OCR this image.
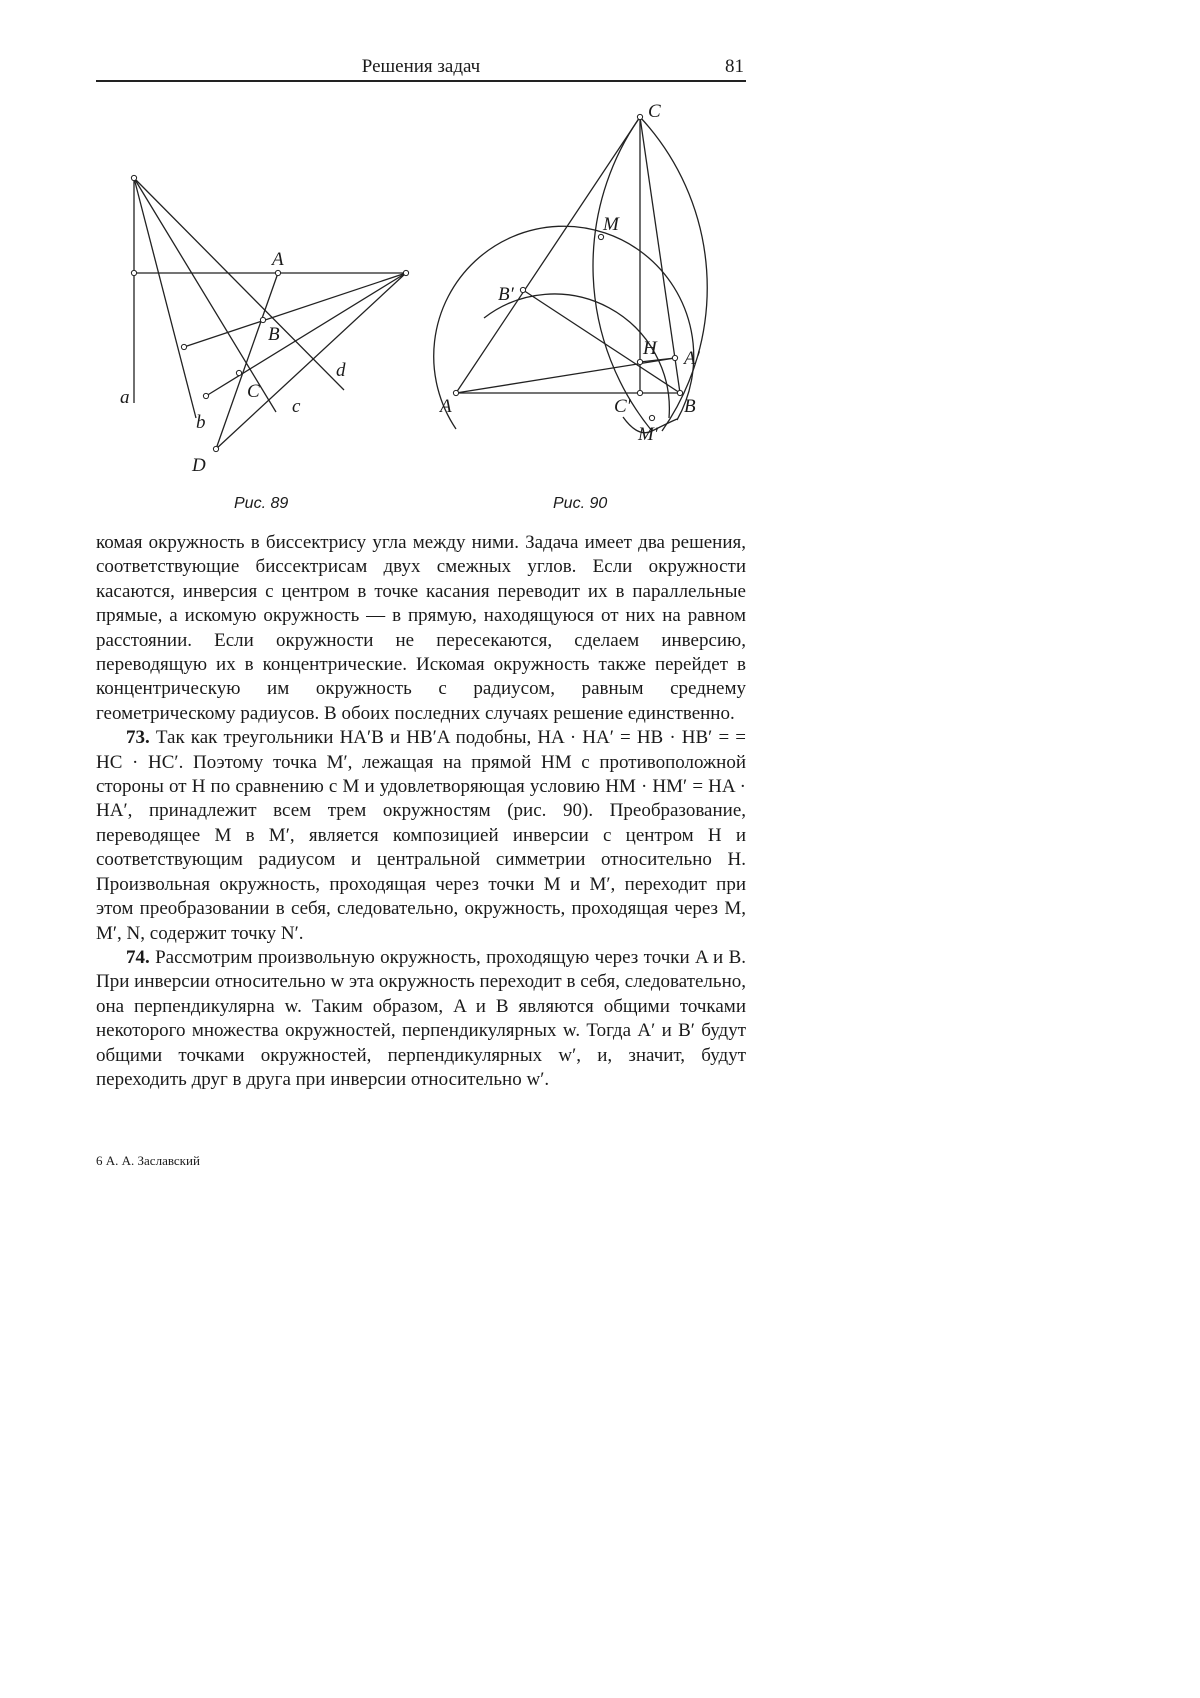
Решения задач	81
A
B
C
D
a
b
c
d
Рис. 89
C
M
B′
H A′
A	C′	B
M′
Рис. 90

комая окружность в биссектрису угла между ними. Задача имеет два решения, соответствующие биссектрисам двух смежных углов. Если окружности касаются, инверсия с центром в точке касания переводит их в параллельные прямые, а искомую окружность — в прямую, находящуюся от них на равном расстоянии. Если окружности не пересекаются, сделаем инверсию, переводящую их в концентрические. Искомая окружность также перейдет в концентрическую им окружность с радиусом, равным среднему геометрическому радиусов. В обоих последних случаях решение единственно.

73. Так как треугольники HA′B и HB′A подобны, HA · HA′ = HB · HB′ = = HC · HC′. Поэтому точка M′, лежащая на прямой HM с противоположной стороны от H по сравнению с M и удовлетворяющая условию HM · HM′ = HA · HA′, принадлежит всем трем окружностям (рис. 90). Преобразование, переводящее M в M′, является композицией инверсии с центром H и соответствующим радиусом и центральной симметрии относительно H. Произвольная окружность, проходящая через точки M и M′, переходит при этом преобразовании в себя, следовательно, окружность, проходящая через M, M′, N, содержит точку N′.

74. Рассмотрим произвольную окружность, проходящую через точки A и B. При инверсии относительно w эта окружность переходит в себя, следовательно, она перпендикулярна w. Таким образом, A и B являются общими точками некоторого множества окружностей, перпендикулярных w. Тогда A′ и B′ будут общими точками окружностей, перпендикулярных w′, и, значит, будут переходить друг в друга при инверсии относительно w′.

6 А. А. Заславский
